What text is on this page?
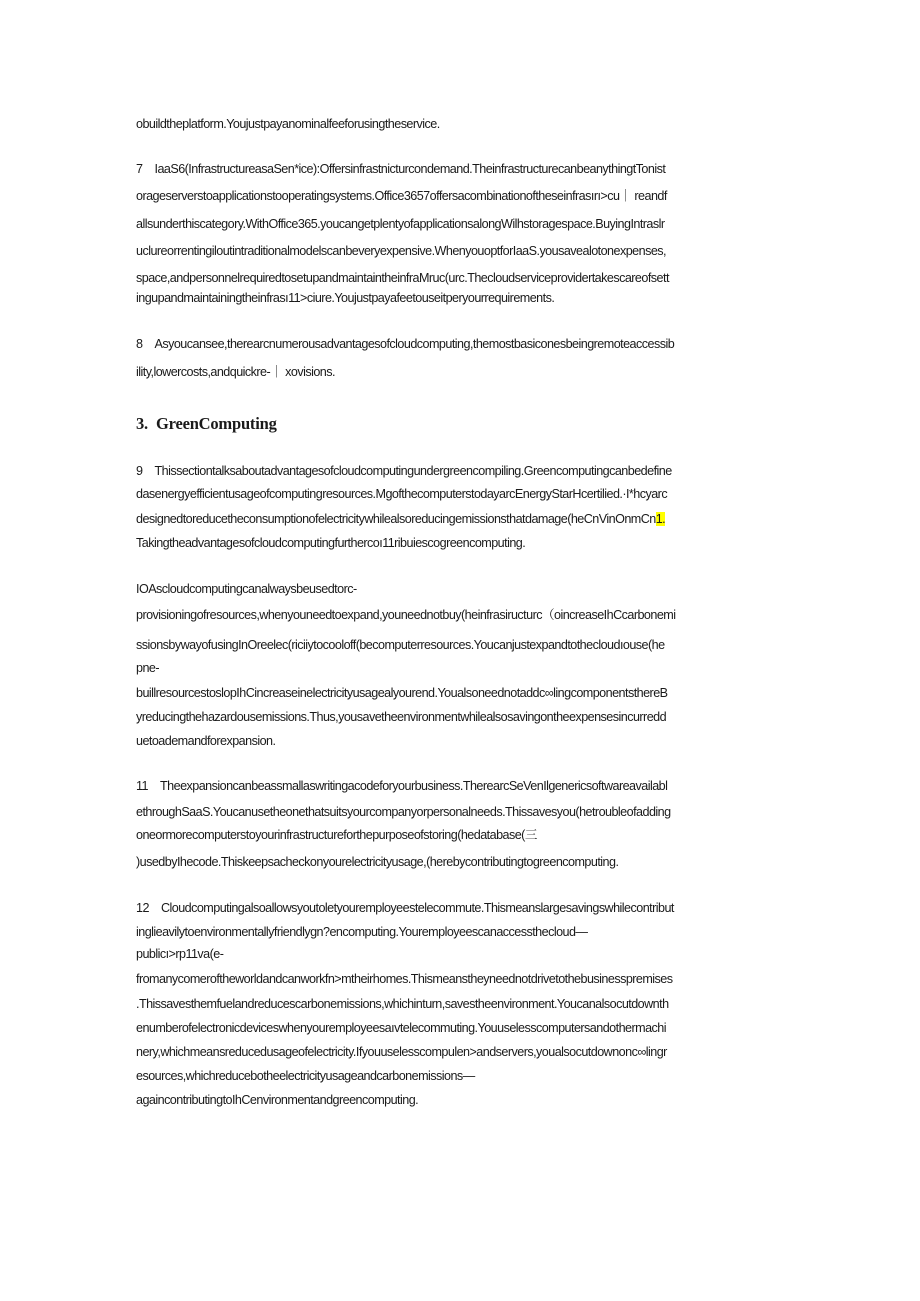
obuildtheplatform.Youjustpayanominalfeeforusingtheservice.
7 IaaS6(InfrastructureasaSen*ice):Offersinfrastnicturcondemand.TheinfrastructurecanbeanythingtTonist
orageserverstoapplicationstooperatingsystems.Office3657offersacombinationoftheseinfrasırı>cu｜ reandf
allsunderthiscategory.WithOffice365.youcangetplentyofapplicationsalongWilhstoragespace.BuyingIntraslr
uclureorrentingiloutintraditionalmodelscanbeveryexpensive.WhenyouoptforIaaS.yousavealotonexpenses,
space,andpersonnelrequiredtosetupandmaintaintheinfraMruc(urc.Thecloudserviceprovidertakescareofsett
ingupandmaintainingtheinfrası11>ciure.Youjustpayafeetouseitperyourrequirements.
8 Asyoucansee,therearcnumerousadvantagesofcloudcomputing,themostbasiconesbeingremoteaccessib
ility,lowercosts,andquickre-｜ xovisions.
3. GreenComputing
9 Thissectiontalksaboutadvantagesofcloudcomputingundergreencompiling.Greencomputingcanbedefine
dasenergyefficientusageofcomputingresources.MgofthecomputerstodayarcEnergyStarHcertilied.·I*hcyarc
designedtoreducetheconsumptionofelectricitywhilealsoreducingemissionsthatdamage(heCnVinOnmCn1.
Takingtheadvantagesofcloudcomputingfurthercoı11ribuiescogreencomputing.
IOAscloudcomputingcanalwaysbeusedtorc-
provisioningofresources,whenyouneedtoexpand,youneednotbuy(heinfrasiructurc（oincreaseIhCcarbonemi
ssionsbywayofusingInOreelec(riciiytocooloff(becomputerresources.Youcanjustexpandtothecloudıouse(he
pne-
buillresourcestoslopIhCincreaseinelectricityusagealyourend.Youalsoneednotaddc∞lingcomponentsthereB
yreducingthehazardousemissions.Thus,yousavetheenvironmentwhilealsosavingontheexpensesincurredd
uetoademandforexpansion.
11 Theexpansioncanbeassmallaswritingacodeforyourbusiness.TherearcSeVenIlgenericsoftwareavailabl
ethroughSaaS.Youcanusetheonethatsuitsyourcompanyorpersonalneeds.Thissavesyou(hetroubleofadding
oneormorecomputerstoyourinfrastructureforthepurposeofstoring(hedatabase(三
)usedbyIhecode.Thiskeepsacheckonyourelectricityusage,(herebycontributingtogreencomputing.
12 Cloudcomputingalsoallowsyoutoletyouremployeestelecommute.Thismeanslargesavingswhilecontribut
inglieavilytoenvironmentallyfriendlygn?encomputing.Youremployeescanaccessthecloud—
publicı>rp11va(e-
fromanycomeroftheworldandcanworkfn>mtheirhomes.Thismeanstheyneednotdrivetothebusinesspremises
.Thissavesthemfuelandreducescarbonemissions,whichinturn,savestheenvironment.Youcanalsocutdownth
enumberofelectronicdeviceswhenyouremployeesaıvtelecommuting.Youuselesscomputersandothermachi
nery,whichmeansreducedusageofelectricity.Ifyouuselesscompulen>andservers,youalsocutdownonc∞lingr
esources,whichreducebotheelectricityusageandcarbonemissions—
againcontributingtoIhCenvironmentandgreencomputing.
